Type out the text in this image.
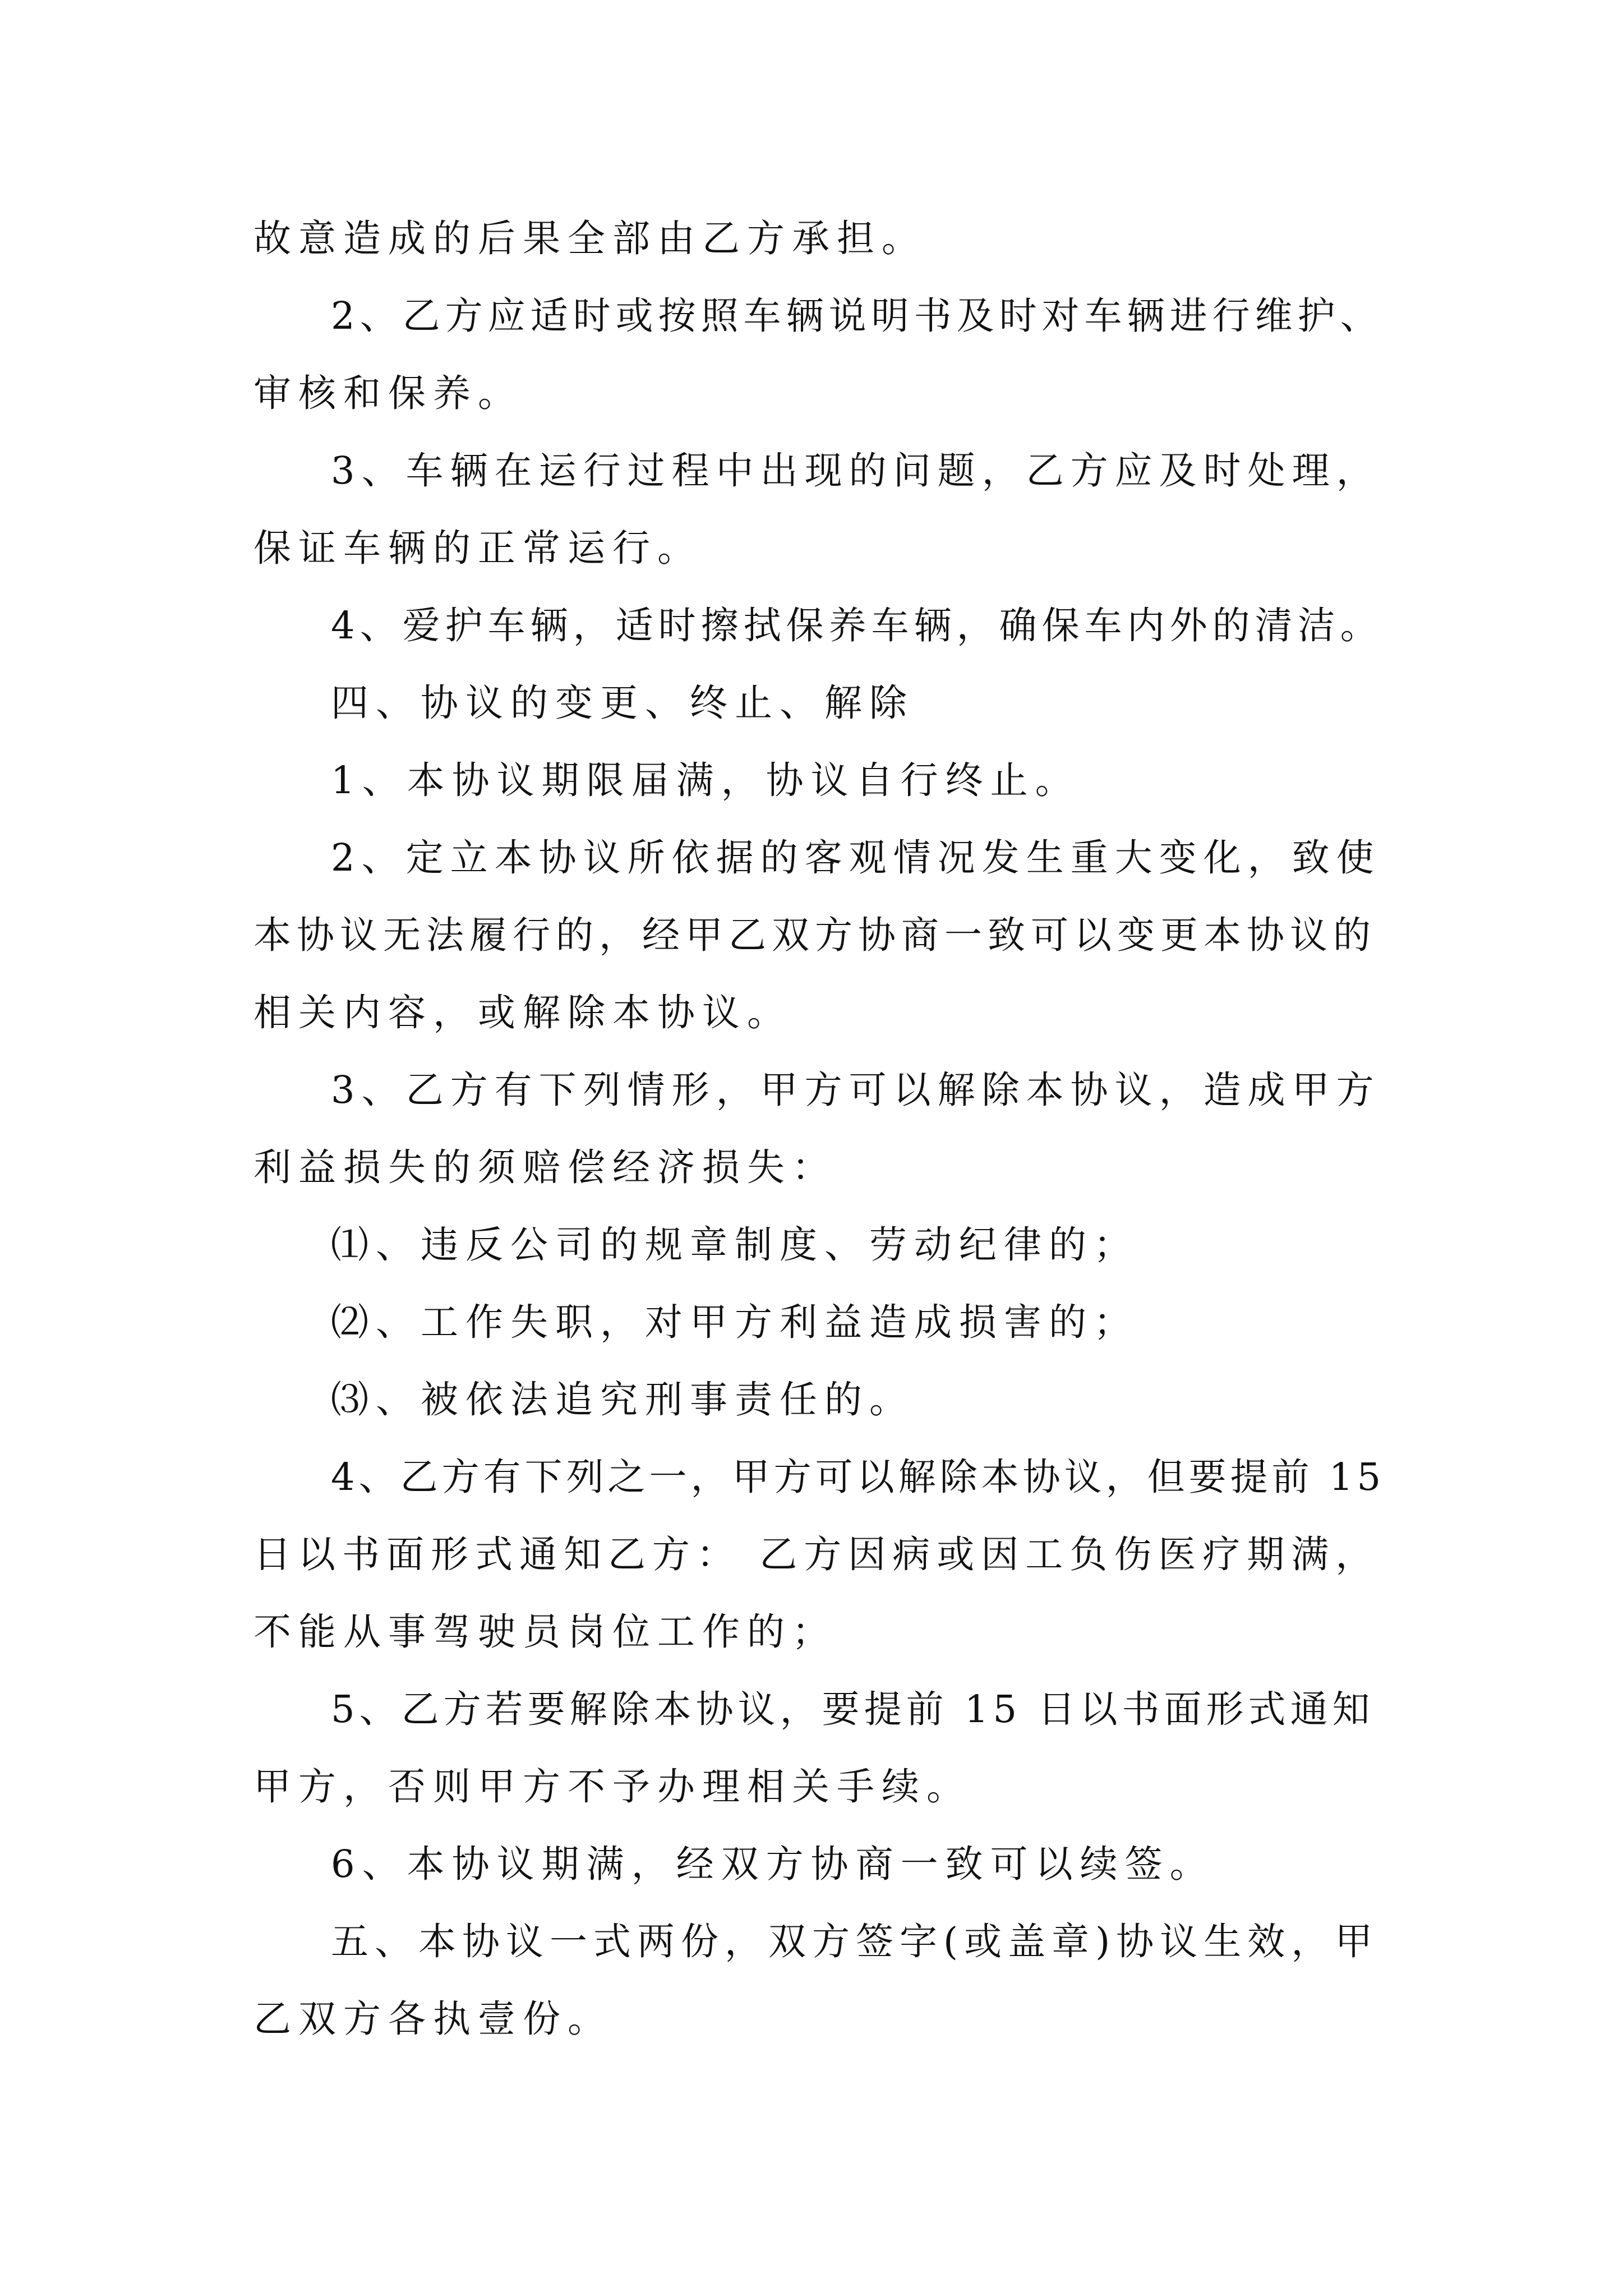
故意造成的后果全部由乙方承担。
2、乙方应适时或按照车辆说明书及时对车辆进行维护、
审核和保养。
3、车辆在运行过程中出现的问题，乙方应及时处理，
保证车辆的正常运行。
4、爱护车辆，适时擦拭保养车辆，确保车内外的清洁。
四、协议的变更、终止、解除
1、本协议期限届满，协议自行终止。
2、定立本协议所依据的客观情况发生重大变化，致使
本协议无法履行的，经甲乙双方协商一致可以变更本协议的
相关内容，或解除本协议。
3、乙方有下列情形，甲方可以解除本协议，造成甲方
利益损失的须赔偿经济损失：
⑴、违反公司的规章制度、劳动纪律的；
⑵、工作失职，对甲方利益造成损害的；
⑶、被依法追究刑事责任的。
4、乙方有下列之一，甲方可以解除本协议，但要提前 15
日以书面形式通知乙方： 乙方因病或因工负伤医疗期满，
不能从事驾驶员岗位工作的；
5、乙方若要解除本协议，要提前 15 日以书面形式通知
甲方，否则甲方不予办理相关手续。
6、本协议期满，经双方协商一致可以续签。
五、本协议一式两份，双方签字(或盖章)协议生效，甲
乙双方各执壹份。
